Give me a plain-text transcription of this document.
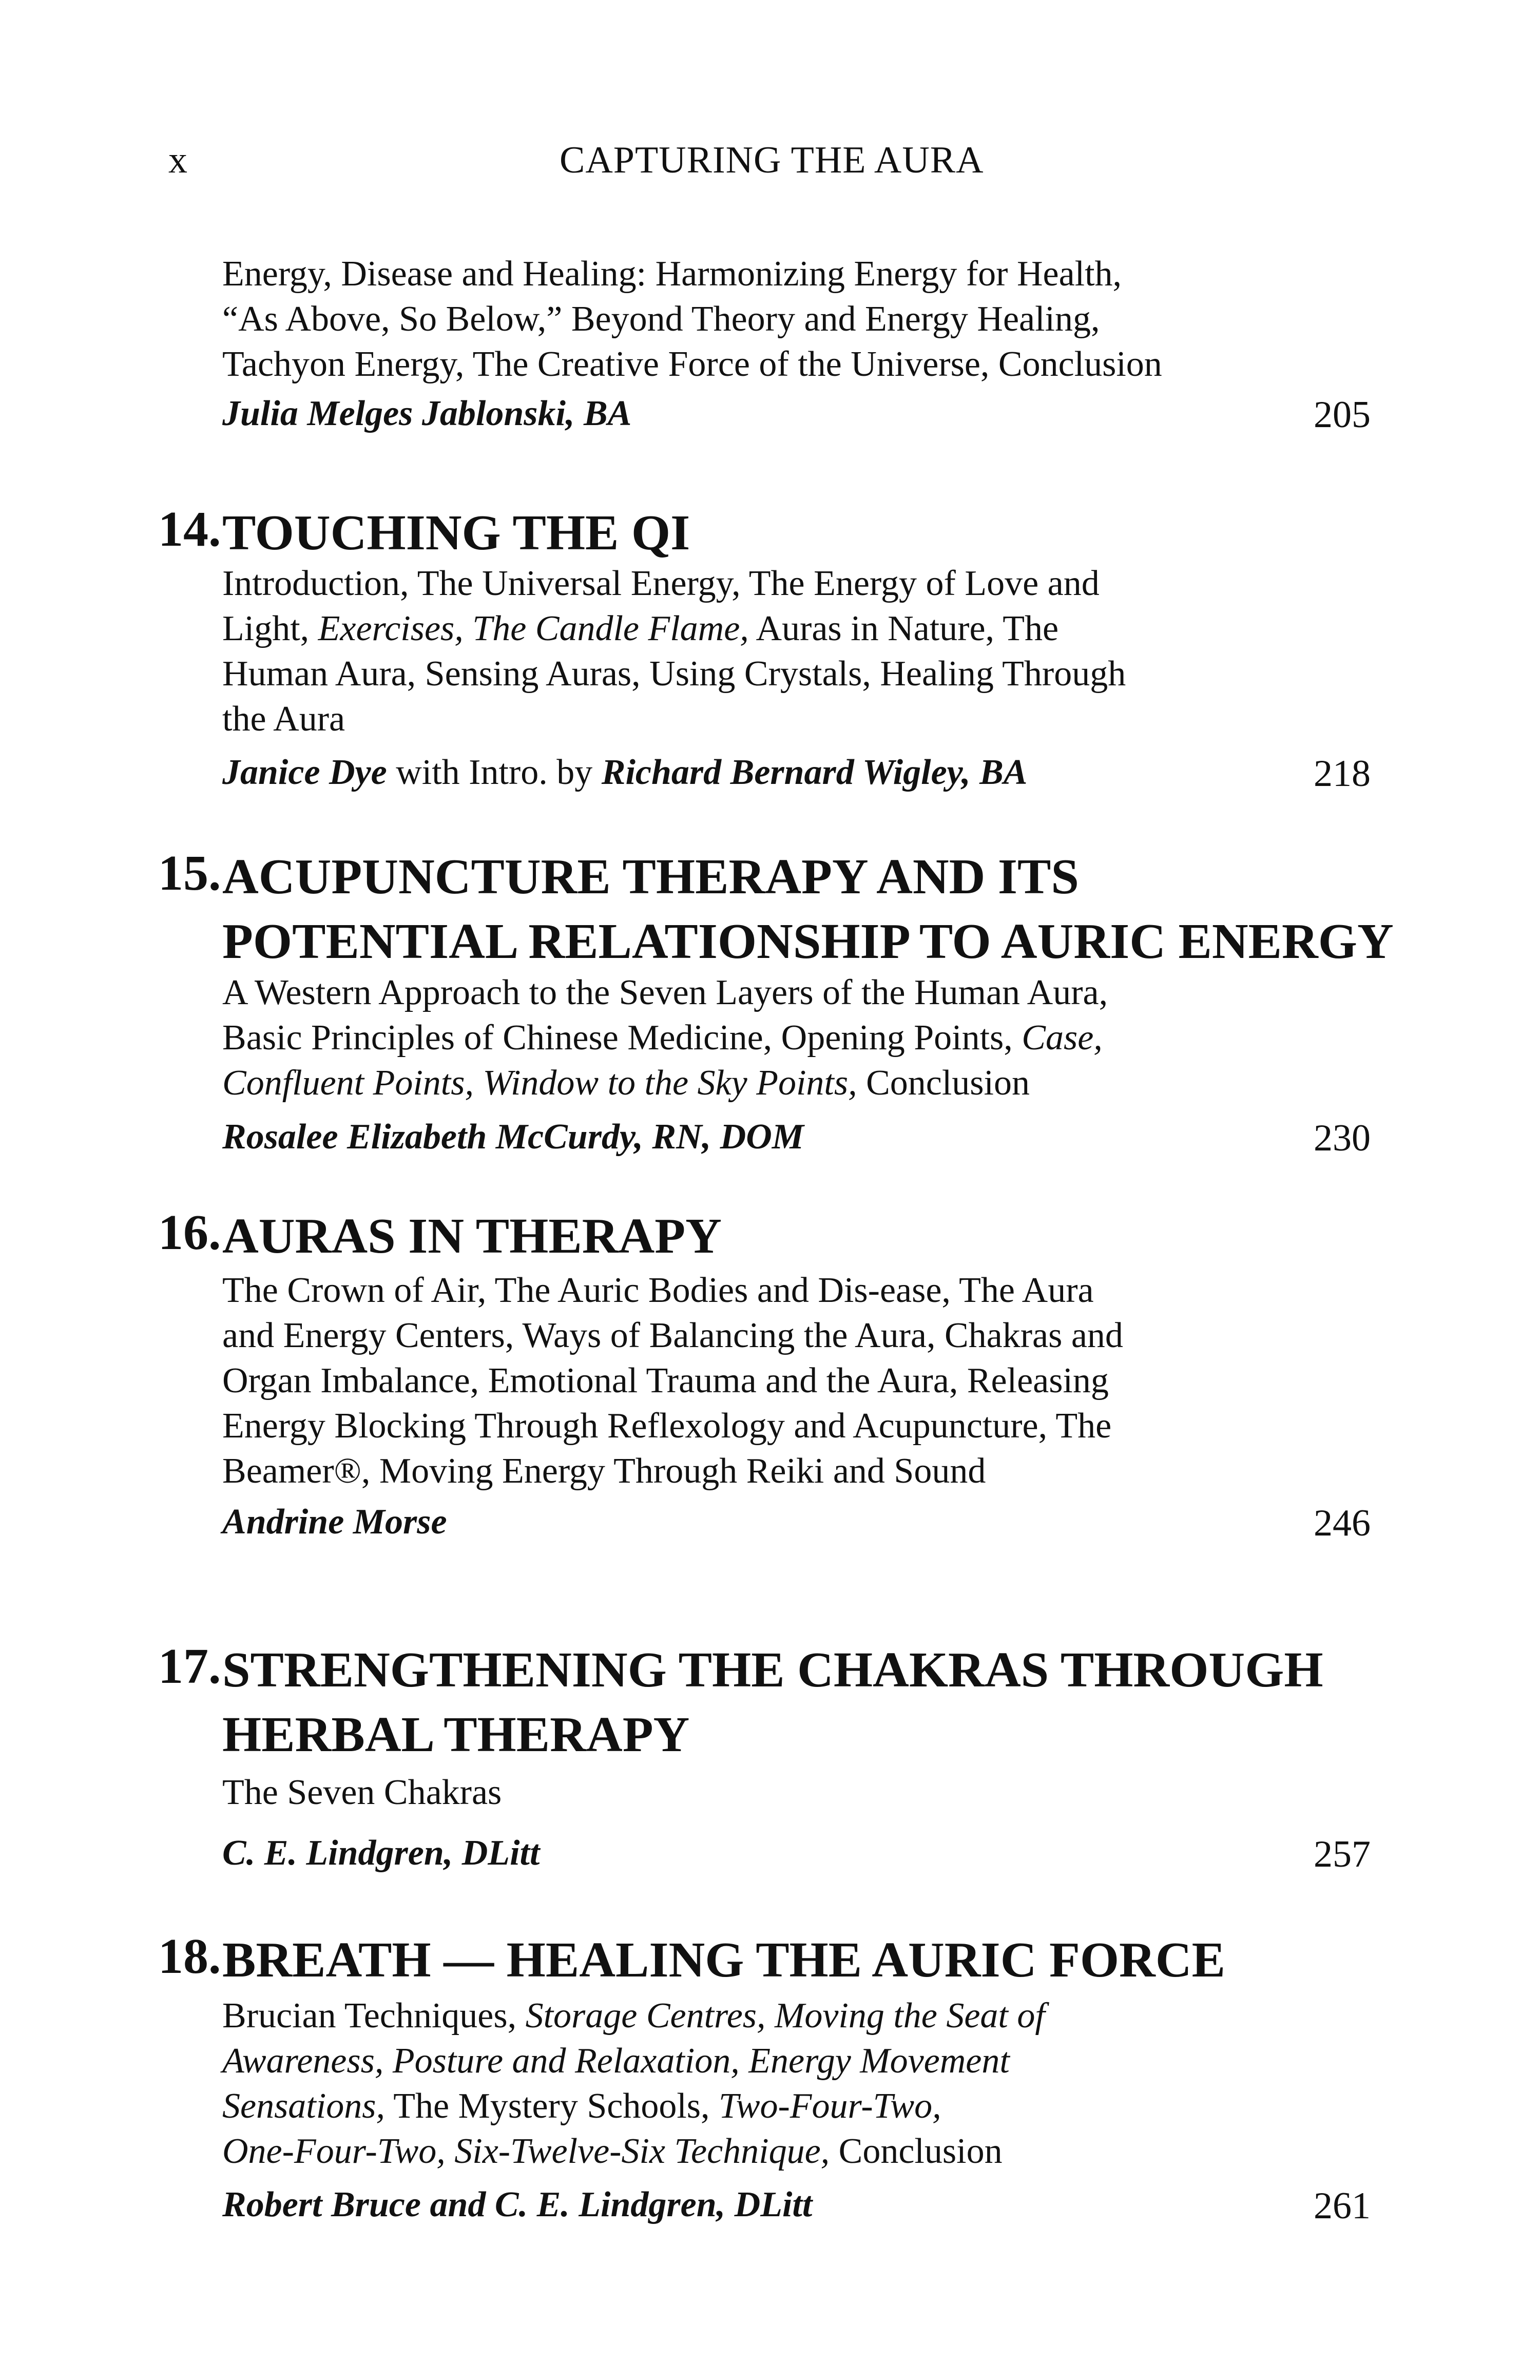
x	CAPTURING THE AURA
Energy, Disease and Healing: Harmonizing Energy for Health,
“As Above, So Below,” Beyond Theory and Energy Healing,
Tachyon Energy, The Creative Force of the Universe, Conclusion
Julia Melges Jablonski, BA	205
14. TOUCHING THE QI
Introduction, The Universal Energy, The Energy of Love and
Light, Exercises, The Candle Flame, Auras in Nature, The
Human Aura, Sensing Auras, Using Crystals, Healing Through
the Aura
Janice Dye with Intro. by Richard Bernard Wigley, BA	218
15. ACUPUNCTURE THERAPY AND ITS
POTENTIAL RELATIONSHIP TO AURIC ENERGY
A Western Approach to the Seven Layers of the Human Aura,
Basic Principles of Chinese Medicine, Opening Points, Case,
Confluent Points, Window to the Sky Points, Conclusion
Rosalee Elizabeth McCurdy, RN, DOM	230
16. AURAS IN THERAPY
The Crown of Air, The Auric Bodies and Dis-ease, The Aura
and Energy Centers, Ways of Balancing the Aura, Chakras and
Organ Imbalance, Emotional Trauma and the Aura, Releasing
Energy Blocking Through Reflexology and Acupuncture, The
Beamer®, Moving Energy Through Reiki and Sound
Andrine Morse	246
17. STRENGTHENING THE CHAKRAS THROUGH
HERBAL THERAPY
The Seven Chakras
C. E. Lindgren, DLitt	257
18. BREATH — HEALING THE AURIC FORCE
Brucian Techniques, Storage Centres, Moving the Seat of
Awareness, Posture and Relaxation, Energy Movement
Sensations, The Mystery Schools, Two-Four-Two,
One-Four-Two, Six-Twelve-Six Technique, Conclusion
Robert Bruce and C. E. Lindgren, DLitt	261
